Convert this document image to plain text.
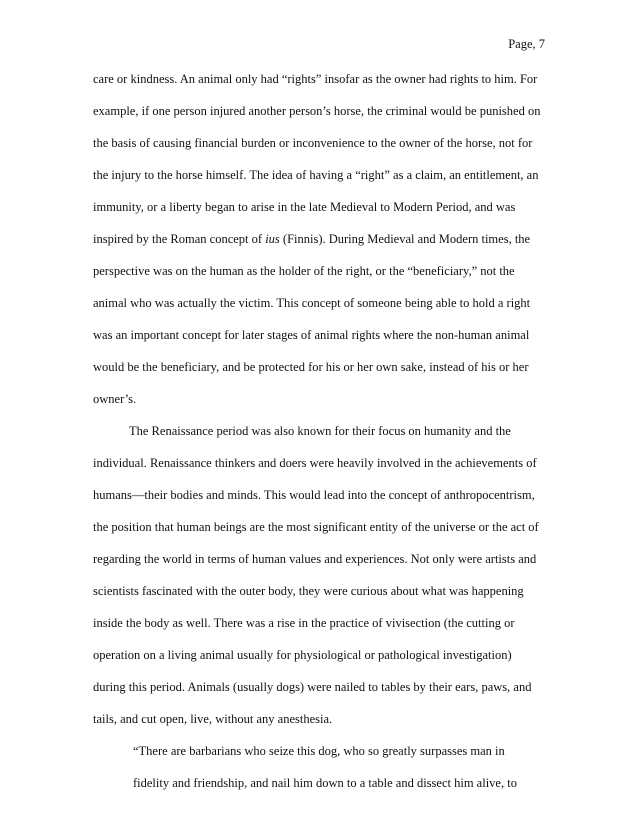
Page, 7
care or kindness. An animal only had “rights” insofar as the owner had rights to him. For
example, if one person injured another person’s horse, the criminal would be punished on
the basis of causing financial burden or inconvenience to the owner of the horse, not for
the injury to the horse himself. The idea of having a “right” as a claim, an entitlement, an
immunity, or a liberty began to arise in the late Medieval to Modern Period, and was
inspired by the Roman concept of ius (Finnis). During Medieval and Modern times, the
perspective was on the human as the holder of the right, or the “beneficiary,” not the
animal who was actually the victim. This concept of someone being able to hold a right
was an important concept for later stages of animal rights where the non-human animal
would be the beneficiary, and be protected for his or her own sake, instead of his or her
owner’s.
The Renaissance period was also known for their focus on humanity and the
individual. Renaissance thinkers and doers were heavily involved in the achievements of
humans—their bodies and minds. This would lead into the concept of anthropocentrism,
the position that human beings are the most significant entity of the universe or the act of
regarding the world in terms of human values and experiences. Not only were artists and
scientists fascinated with the outer body, they were curious about what was happening
inside the body as well. There was a rise in the practice of vivisection (the cutting or
operation on a living animal usually for physiological or pathological investigation)
during this period. Animals (usually dogs) were nailed to tables by their ears, paws, and
tails, and cut open, live, without any anesthesia.
“There are barbarians who seize this dog, who so greatly surpasses man in
fidelity and friendship, and nail him down to a table and dissect him alive, to
